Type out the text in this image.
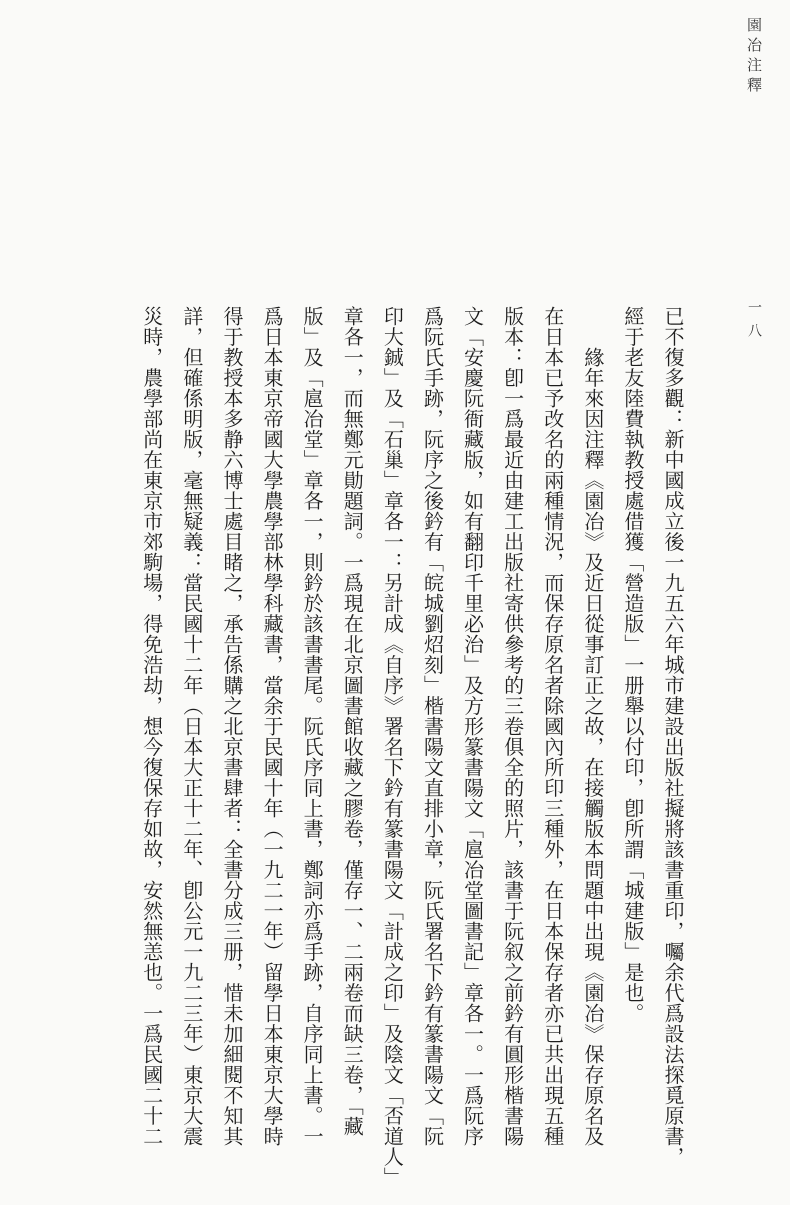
園冶注釋
一八
已不復多觀：新中國成立後一九五六年城市建設出版社擬將該書重印，囑余代爲設法探覓原書，
經于老友陸費執教授處借獲「營造版」一册舉以付印，卽所謂「城建版」是也。
緣年來因注釋《園冶》及近日從事訂正之故，在接觸版本問題中出現《園冶》保存原名及
在日本已予改名的兩種情況，而保存原名者除國內所印三種外，在日本保存者亦已共出現五種
版本：卽一爲最近由建工出版社寄供參考的三卷俱全的照片，該書于阮叙之前鈐有圓形楷書陽
文「安慶阮衙藏版，如有翻印千里必治」及方形篆書陽文「扈冶堂圖書記」章各一。一爲阮序
爲阮氏手跡，阮序之後鈐有「皖城劉炤刻」楷書陽文直排小章，阮氏署名下鈐有篆書陽文「阮
印大鋮」及「石巢」章各一：另計成《自序》署名下鈐有篆書陽文「計成之印」及陰文「否道人」
章各一，而無鄭元勛題詞。一爲現在北京圖書館收藏之膠卷，僅存一、二兩卷而缺三卷，「藏
版」及「扈冶堂」章各一，則鈐於該書書尾。阮氏序同上書，鄭詞亦爲手跡，自序同上書。一
爲日本東京帝國大學農學部林學科藏書，當余于民國十年（一九二一年）留學日本東京大學時
得于教授本多静六博士處目睹之，承告係購之北京書肆者：全書分成三册，惜未加細閱不知其
詳，但確係明版，毫無疑義：當民國十二年（日本大正十二年、卽公元一九二三年）東京大震
災時，農學部尚在東京市郊駒場，得免浩劫，想今復保存如故，安然無恙也。一爲民國二十二
